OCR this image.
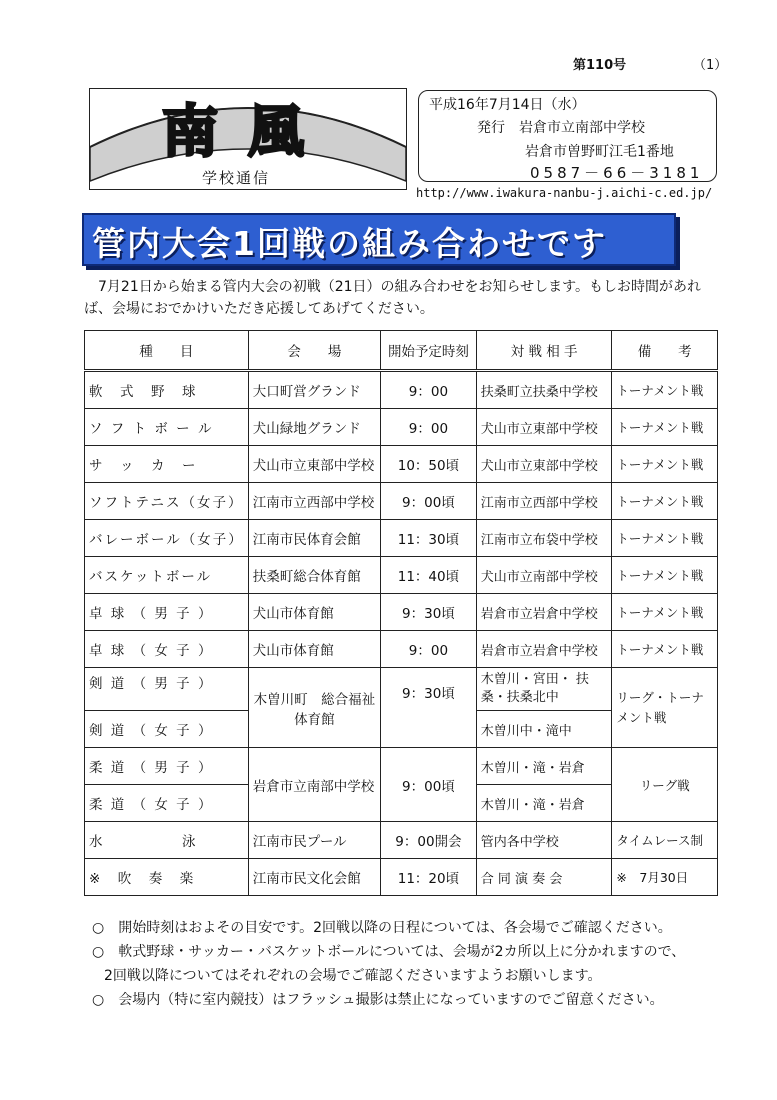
第110号	（1）
南風
学校通信
平成16年7月14日（水）
発行 岩倉市立南部中学校
岩倉市曽野町江毛1番地
0587－66－3181
http://www.iwakura-nanbu-j.aichi-c.ed.jp/
管内大会1回戦の組み合わせです
　7月21日から始まる管内大会の初戦（21日）の組み合わせをお知らせします。もしお時間があれば、会場におでかけいただき応援してあげてください。
種　　目	会　　場	開始予定時刻	対 戦 相 手	備　　考
軟　式　野　球	大口町営グランド	9：00	扶桑町立扶桑中学校	トーナメント戦
ソ フ ト ボ ー ル	犬山緑地グランド	9：00	犬山市立東部中学校	トーナメント戦
サ　ッ　カ　ー	犬山市立東部中学校	10：50頃	犬山市立東部中学校	トーナメント戦
ソフトテニス（女子）	江南市立西部中学校	9：00頃	江南市立西部中学校	トーナメント戦
バレーボール（女子）	江南市民体育会館	11：30頃	江南市立布袋中学校	トーナメント戦
バスケットボール	扶桑町総合体育館	11：40頃	犬山市立南部中学校	トーナメント戦
卓 球 （ 男 子 ）	犬山市体育館	9：30頃	岩倉市立岩倉中学校	トーナメント戦
卓 球 （ 女 子 ）	犬山市体育館	9：00	岩倉市立岩倉中学校	トーナメント戦
剣 道 （ 男 子 ）	木曽川町　総合福祉体育館	9：30頃	木曽川・宮田・ 扶桑・扶桑北中	リーグ・トーナメント戦
剣 道 （ 女 子 ）			木曽川中・滝中	
柔 道 （ 男 子 ）	岩倉市立南部中学校	9：00頃	木曽川・滝・岩倉	リーグ戦
柔 道 （ 女 子 ）			木曽川・滝・岩倉	
水　　　　　泳	江南市民プール	9：00開会	管内各中学校	タイムレース制
※　吹　奏　楽	江南市民文化会館	11：20頃	合 同 演 奏 会	※　7月30日
○　開始時刻はおよその目安です。2回戦以降の日程については、各会場でご確認ください。
○　軟式野球・サッカー・バスケットボールについては、会場が2カ所以上に分かれますので、
2回戦以降についてはそれぞれの会場でご確認くださいますようお願いします。
○　会場内（特に室内競技）はフラッシュ撮影は禁止になっていますのでご留意ください。
